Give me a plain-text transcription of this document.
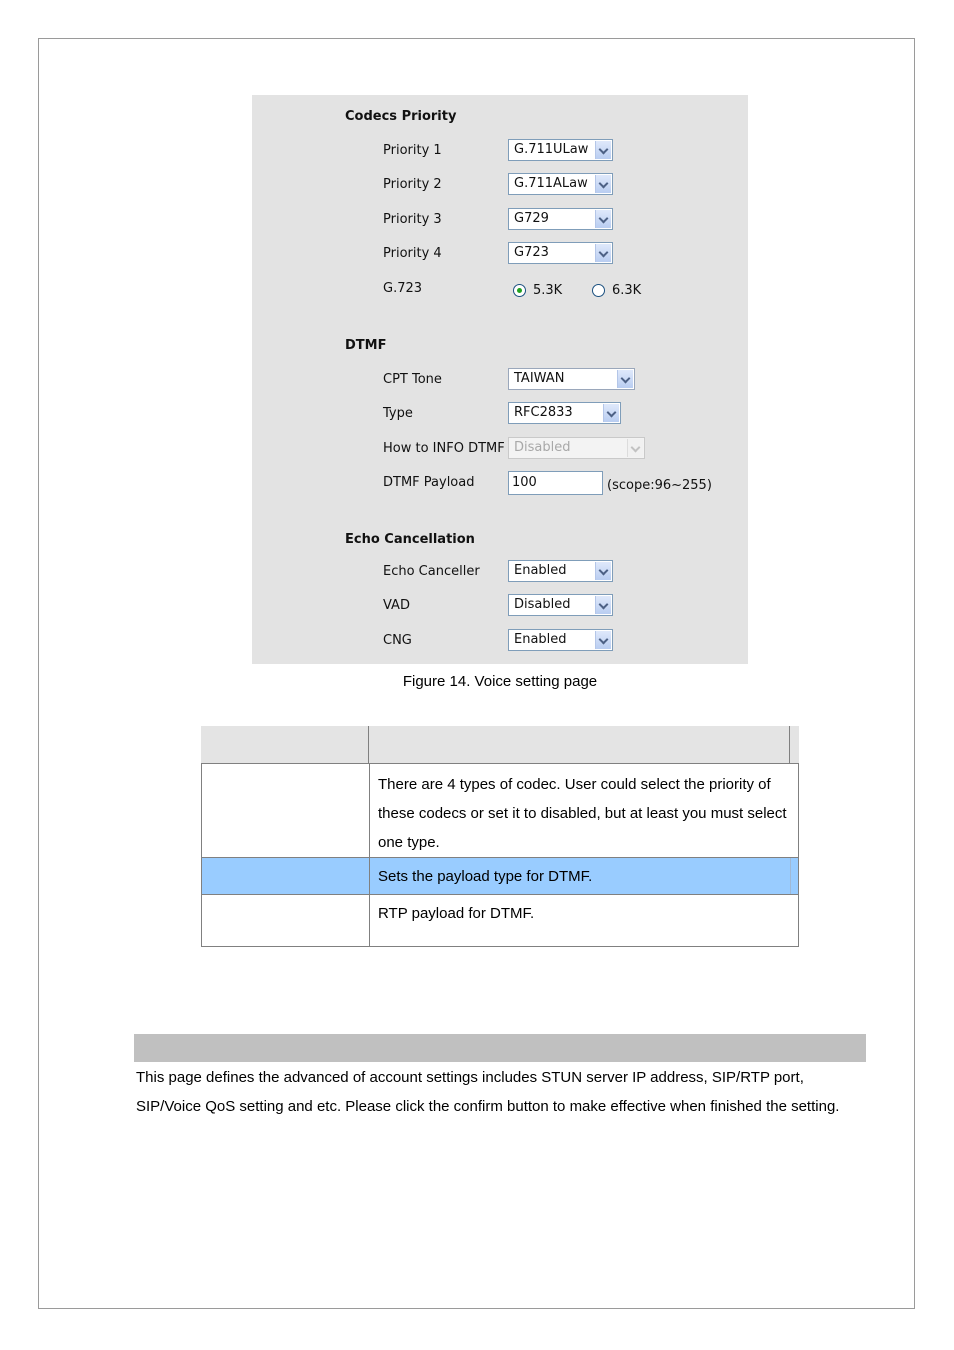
Codecs Priority
Priority 1	G.711ULaw
Priority 2	G.711ALaw
Priority 3	G729
Priority 4	G723
G.723	5.3K	6.3K
DTMF
CPT Tone	TAIWAN
Type	RFC2833
How to INFO DTMF Disabled
DTMF Payload	100	(scope:96~255)
Echo Cancellation
Echo Canceller	Enabled
VAD	Disabled
CNG	Enabled
Figure 14. Voice setting page
There are 4 types of codec. User could select the priority of these codecs or set it to disabled, but at least you must select one type.
Sets the payload type for DTMF.
RTP payload for DTMF.
This page defines the advanced of account settings includes STUN server IP address, SIP/RTP port, SIP/Voice QoS setting and etc. Please click the confirm button to make effective when finished the setting.
